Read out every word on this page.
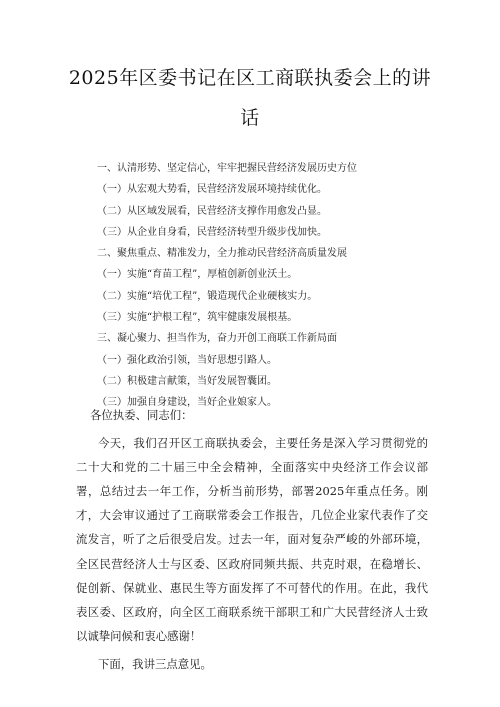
2025年区委书记在区工商联执委会上的讲
话
一、认清形势、坚定信心，牢牢把握民营经济发展历史方位
（一）从宏观大势看，民营经济发展环境持续优化。
（二）从区域发展看，民营经济支撑作用愈发凸显。
（三）从企业自身看，民营经济转型升级步伐加快。
二、聚焦重点、精准发力，全力推动民营经济高质量发展
（一）实施“育苗工程”，厚植创新创业沃土。
（二）实施“培优工程”，锻造现代企业硬核实力。
（三）实施“护根工程”，筑牢健康发展根基。
三、凝心聚力、担当作为，奋力开创工商联工作新局面
（一）强化政治引领，当好思想引路人。
（二）积极建言献策，当好发展智囊团。
（三）加强自身建设，当好企业娘家人。
各位执委、同志们：
今天，我们召开区工商联执委会，主要任务是深入学习贯彻党的二十大和党的二十届三中全会精神，全面落实中央经济工作会议部署，总结过去一年工作，分析当前形势，部署2025年重点任务。刚才，大会审议通过了工商联常委会工作报告，几位企业家代表作了交流发言，听了之后很受启发。过去一年，面对复杂严峻的外部环境，全区民营经济人士与区委、区政府同频共振、共克时艰，在稳增长、促创新、保就业、惠民生等方面发挥了不可替代的作用。在此，我代表区委、区政府，向全区工商联系统干部职工和广大民营经济人士致以诚挚问候和衷心感谢！
下面，我讲三点意见。
